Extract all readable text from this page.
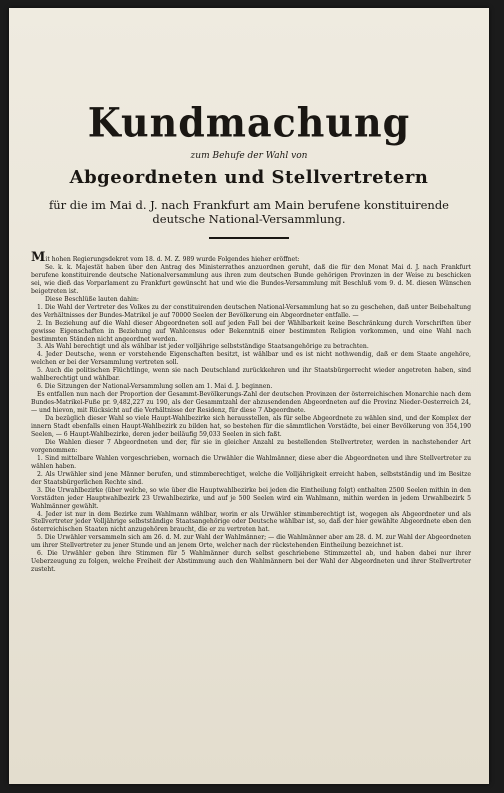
Kundmachung
zum Behufe der Wahl von
Abgeordneten und Stellvertretern
für die im Mai d. J. nach Frankfurt am Main berufene konstituirende deutsche National-Versammlung.

Mit hohen Regierungsdekret vom 18. d. M. Z. 989 wurde Folgendes hieher eröffnet:

Se. k. k. Majestät haben über den Antrag des Ministerrathes anzuordnen geruht, daß die für den Monat Mai d. J. nach Frankfurt berufene konstituirende deutsche Nationalversammlung aus ihren zum deutschen Bunde gehörigen Provinzen in der Weise zu beschicken sei, wie dieß das Vorparlament zu Frankfurt gewünscht hat und wie die Bundes-Versammlung mit Beschluß vom 9. d. M. diesen Wünschen beigetreten ist.

Diese Beschlüße lauten dahin:

1. Die Wahl der Vertreter des Volkes zu der constituirenden deutschen National-Versammlung hat so zu geschehen, daß unter Beibehaltung des Verhältnisses der Bundes-Matrikel je auf 70000 Seelen der Bevölkerung ein Abgeordneter entfalle. —

2. In Beziehung auf die Wahl dieser Abgeordneten soll auf jeden Fall bei der Wählbarkeit keine Beschränkung durch Vorschriften über gewisse Eigenschaften in Beziehung auf Wahlcensus oder Bekenntniß einer bestimmten Religion vorkommen, und eine Wahl nach bestimmten Ständen nicht angeordnet werden.

3. Als Wahl berechtigt und als wählbar ist jeder volljährige selbstständige Staatsangehörige zu betrachten.

4. Jeder Deutsche, wenn er vorstehende Eigenschaften besitzt, ist wählbar und es ist nicht nothwendig, daß er dem Staate angehöre, welchen er bei der Versammlung vertreten soll.

5. Auch die politischen Flüchtlinge, wenn sie nach Deutschland zurückkehren und ihr Staatsbürgerrecht wieder angetreten haben, sind wahlberechtigt und wählbar.

6. Die Sitzungen der National-Versammlung sollen am 1. Mai d. J. beginnen.

Es entfallen nun nach der Proportion der Gesammt-Bevölkerungs-Zahl der deutschen Provinzen der österreichischen Monarchie nach dem Bundes-Matrikel-Fuße pr. 9,482,227 zu 190, als der Gesammtzahl der abzusendenden Abgeordneten auf die Provinz Nieder-Oesterreich 24, — und hievon, mit Rücksicht auf die Verhältnisse der Residenz, für diese 7 Abgeordnete.

Da bezüglich dieser Wahl so viele Haupt-Wahlbezirke sich herausstellen, als für selbe Abgeordnete zu wählen sind, und der Komplex der innern Stadt ebenfalls einen Haupt-Wahlbezirk zu bilden hat, so bestehen für die sämmtlichen Vorstädte, bei einer Bevölkerung von 354,190 Seelen, — 6 Haupt-Wahlbezirke, deren jeder beiläufig 59,033 Seelen in sich faßt.

Die Wahlen dieser 7 Abgeordneten und der, für sie in gleicher Anzahl zu bestellenden Stellvertreter, werden in nachstehender Art vorgenommen:

1. Sind mittelbare Wahlen vorgeschrieben, wornach die Urwähler die Wahlmänner, diese aber die Abgeordneten und ihre Stellvertreter zu wählen haben.

2. Als Urwähler sind jene Männer berufen, und stimmberechtiget, welche die Volljährigkeit erreicht haben, selbstständig und im Besitze der Staatsbürgerlichen Rechte sind.

3. Die Urwahlbezirke (über welche, so wie über die Hauptwahlbezirke bei jeden die Eintheilung folgt) enthalten 2500 Seelen mithin in den Vorstädten jeder Hauptwahlbezirk 23 Urwahlbezirke, und auf je 500 Seelen wird ein Wahlmann, mithin werden in jedem Urwahlbezirk 5 Wahlmänner gewählt.

4. Jeder ist nur in dem Bezirke zum Wahlmann wählbar, worin er als Urwähler stimmberechtigt ist, wogegen als Abgeordneter und als Stellvertreter jeder Volljährige selbstständige Staatsangehörige oder Deutsche wählbar ist, so, daß der hier gewählte Abgeordnete eben den österreichischen Staaten nicht anzugehören braucht, die er zu vertreten hat.

5. Die Urwähler versammeln sich am 26. d. M. zur Wahl der Wahlmänner; — die Wahlmänner aber am 28. d. M. zur Wahl der Abgeordneten um ihrer Stellvertreter zu jener Stunde und an jenem Orte, welcher nach der rückstehenden Eintheilung bezeichnet ist.

6. Die Urwähler geben ihre Stimmen für 5 Wahlmänner durch selbst geschriebene Stimmzettel ab, und haben dabei nur ihrer Ueberzeugung zu folgen, welche Freiheit der Abstimmung auch den Wahlmännern bei der Wahl der Abgeordneten und ihrer Stellvertreter zusteht.
